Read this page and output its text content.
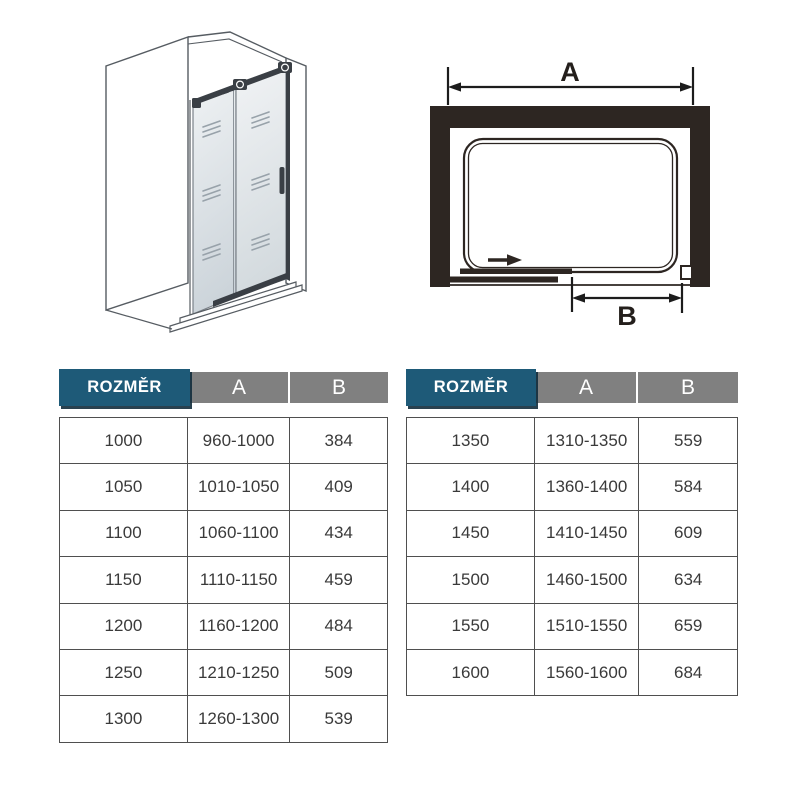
A
B
ROZMĚR	A	B
1000	960-1000	384
1050	1010-1050	409
1100	1060-1100	434
1150	1110-1150	459
1200	1160-1200	484
1250	1210-1250	509
1300	1260-1300	539
ROZMĚR	A	B
1350	1310-1350	559
1400	1360-1400	584
1450	1410-1450	609
1500	1460-1500	634
1550	1510-1550	659
1600	1560-1600	684
